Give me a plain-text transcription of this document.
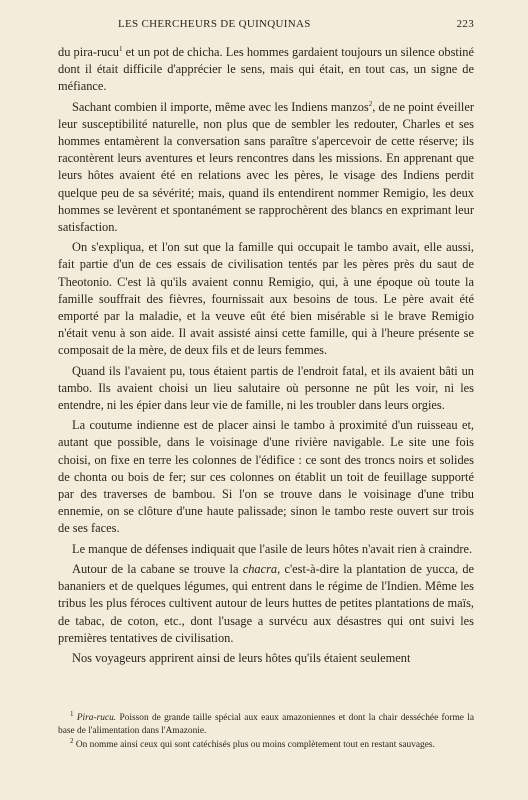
LES CHERCHEURS DE QUINQUINAS	223

du pira-rucu$^1$ et un pot de chicha. Les hommes gardaient toujours un silence obstiné dont il était difficile d'apprécier le sens, mais qui était, en tout cas, un signe de méfiance.

Sachant combien il importe, même avec les Indiens manzos$^2$, de ne point éveiller leur susceptibilité naturelle, non plus que de sembler les redouter, Charles et ses hommes entamèrent la conversation sans paraître s'apercevoir de cette réserve; ils racontèrent leurs aventures et leurs rencontres dans les missions. En apprenant que leurs hôtes avaient été en relations avec les pères, le visage des Indiens perdit quelque peu de sa sévérité; mais, quand ils entendirent nommer Remigio, les deux hommes se levèrent et spontanément se rapprochèrent des blancs en exprimant leur satisfaction.

On s'expliqua, et l'on sut que la famille qui occupait le tambo avait, elle aussi, fait partie d'un de ces essais de civilisation tentés par les pères près du saut de Theotonio. C'est là qu'ils avaient connu Remigio, qui, à une époque où toute la famille souffrait des fièvres, fournissait aux besoins de tous. Le père avait été emporté par la maladie, et la veuve eût été bien misérable si le brave Remigio n'était venu à son aide. Il avait assisté ainsi cette famille, qui à l'heure présente se composait de la mère, de deux fils et de leurs femmes.

Quand ils l'avaient pu, tous étaient partis de l'endroit fatal, et ils avaient bâti un tambo. Ils avaient choisi un lieu salutaire où personne ne pût les voir, ni les entendre, ni les épier dans leur vie de famille, ni les troubler dans leurs orgies.

La coutume indienne est de placer ainsi le tambo à proximité d'un ruisseau et, autant que possible, dans le voisinage d'une rivière navigable. Le site une fois choisi, on fixe en terre les colonnes de l'édifice : ce sont des troncs noirs et solides de chonta ou bois de fer; sur ces colonnes on établit un toit de feuillage supporté par des traverses de bambou. Si l'on se trouve dans le voisinage d'une tribu ennemie, on se clôture d'une haute palissade; sinon le tambo reste ouvert sur trois de ses faces.

Le manque de défenses indiquait que l'asile de leurs hôtes n'avait rien à craindre.

Autour de la cabane se trouve la chacra, c'est-à-dire la plantation de yucca, de bananiers et de quelques légumes, qui entrent dans le régime de l'Indien. Même les tribus les plus féroces cultivent autour de leurs huttes de petites plantations de maïs, de tabac, de coton, etc., dont l'usage a survécu aux désastres qui ont suivi les premières tentatives de civilisation.

Nos voyageurs apprirent ainsi de leurs hôtes qu'ils étaient seulement

$^1$ Pira-rucu. Poisson de grande taille spécial aux eaux amazoniennes et dont la chair desséchée forme la base de l'alimentation dans l'Amazonie.

$^2$ On nomme ainsi ceux qui sont catéchisés plus ou moins complètement tout en restant sauvages.
